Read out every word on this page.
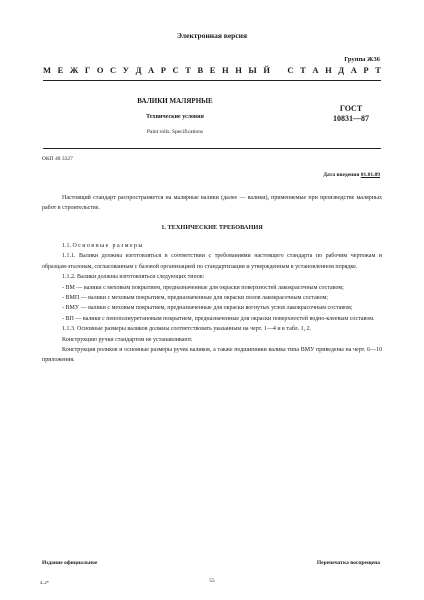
Электронная версия
Группа Ж36
М Е Ж Г О С У Д А Р С Т В Е Н Н Ы Й
С Т А Н Д А Р Т
ВАЛИКИ МАЛЯРНЫЕ
Технические условия
Paint rolls. Specifications
ГОСТ
10831—87
ОКП 48 3327
Дата введения 01.01.89
Настоящий стандарт распространяется на малярные валики (далее — валики), применяемые при производстве малярных работ в строительстве.
1. ТЕХНИЧЕСКИЕ ТРЕБОВАНИЯ
1.1. Основные размеры
1.1.1. Валики должны изготовляться в соответствии с требованиями настоящего стандарта по рабочим чертежам и образцам-эталонам, согласованным с базовой организацией по стандартизации и утвержденным в установленном порядке.
1.1.2. Валики должны изготовляться следующих типов:
- ВМ — валики с меховым покрытием, предназначенные для окраски поверхностей лакокрасочным составом;
- ВМП — валики с меховым покрытием, предназначенные для окраски полов лакокрасочным составом;
- ВМУ — валики с меховым покрытием, предназначенные для окраски вогнутых углов лакокрасочным составом;
- ВП — валики с пенополиуретановым покрытием, предназначенные для окраски поверхностей водно-клеевым составом.
1.1.3. Основные размеры валиков должны соответствовать указанным на черт. 1—4 и в табл. 1, 2.
Конструкцию ручки стандартом не устанавливают.
Конструкция роликов и основные размеры ручек валиков, а также подшипники валика типа ВМУ приведены на черт. 6—10 приложения.
Издание официальное	Перепечатка воспрещена
4–2*	55
